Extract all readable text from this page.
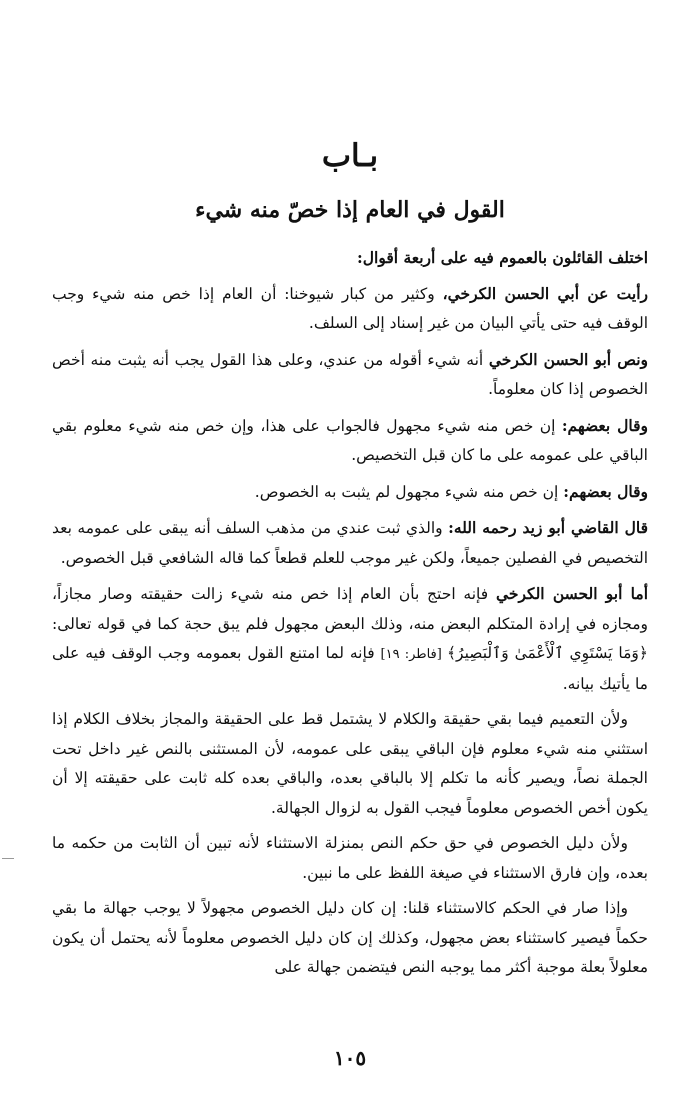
بـاب
القول في العام إذا خصّ منه شيء

اختلف القائلون بالعموم فيه على أربعة أقوال:

رأيت عن أبي الحسن الكرخي، وكثير من كبار شيوخنا: أن العام إذا خص منه شيء وجب الوقف فيه حتى يأتي البيان من غير إسناد إلى السلف.

ونص أبو الحسن الكرخي أنه شيء أقوله من عندي، وعلى هذا القول يجب أنه يثبت منه أخص الخصوص إذا كان معلوماً.

وقال بعضهم: إن خص منه شيء مجهول فالجواب على هذا، وإن خص منه شيء معلوم بقي الباقي على عمومه على ما كان قبل التخصيص.

وقال بعضهم: إن خص منه شيء مجهول لم يثبت به الخصوص.

قال القاضي أبو زيد رحمه الله: والذي ثبت عندي من مذهب السلف أنه يبقى على عمومه بعد التخصيص في الفصلين جميعاً، ولكن غير موجب للعلم قطعاً كما قاله الشافعي قبل الخصوص.

أما أبو الحسن الكرخي فإنه احتج بأن العام إذا خص منه شيء زالت حقيقته وصار مجازاً، ومجازه في إرادة المتكلم البعض منه، وذلك البعض مجهول فلم يبق حجة كما في قوله تعالى: ﴿وَمَا يَسْتَوِي ٱلْأَعْمَىٰ وَٱلْبَصِيرُ﴾ [فاطر: ١٩] فإنه لما امتنع القول بعمومه وجب الوقف فيه على ما يأتيك بيانه.

ولأن التعميم فيما بقي حقيقة والكلام لا يشتمل قط على الحقيقة والمجاز بخلاف الكلام إذا استثني منه شيء معلوم فإن الباقي يبقى على عمومه، لأن المستثنى بالنص غير داخل تحت الجملة نصاً، ويصير كأنه ما تكلم إلا بالباقي بعده، والباقي بعده كله ثابت على حقيقته إلا أن يكون أخص الخصوص معلوماً فيجب القول به لزوال الجهالة.

ولأن دليل الخصوص في حق حكم النص بمنزلة الاستثناء لأنه تبين أن الثابت من حكمه ما بعده، وإن فارق الاستثناء في صيغة اللفظ على ما نبين.

وإذا صار في الحكم كالاستثناء قلنا: إن كان دليل الخصوص مجهولاً لا يوجب جهالة ما بقي حكماً فيصير كاستثناء بعض مجهول، وكذلك إن كان دليل الخصوص معلوماً لأنه يحتمل أن يكون معلولاً بعلة موجبة أكثر مما يوجبه النص فيتضمن جهالة على

١٠٥
